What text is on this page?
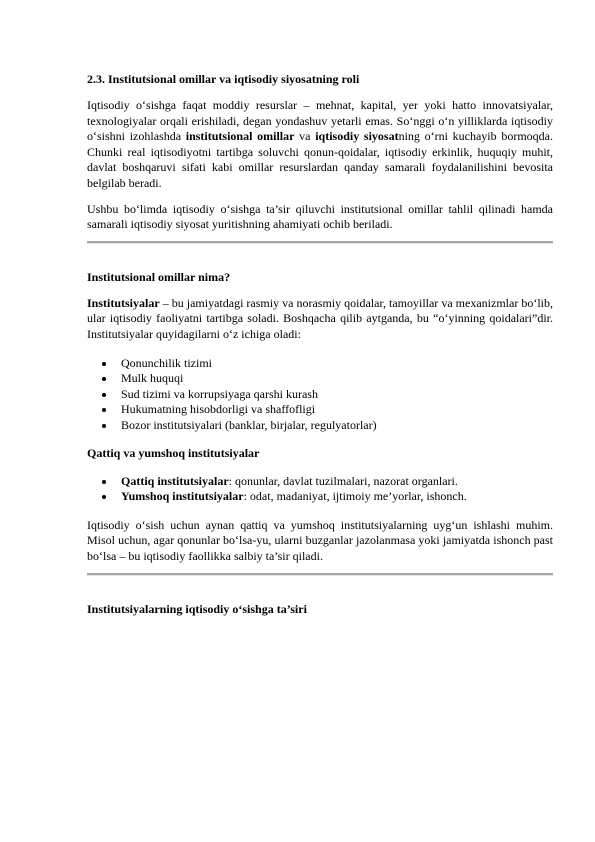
2.3. Institutsional omillar va iqtisodiy siyosatning roli

Iqtisodiy o‘sishga faqat moddiy resurslar – mehnat, kapital, yer yoki hatto innovatsiyalar, texnologiyalar orqali erishiladi, degan yondashuv yetarli emas. So‘nggi o‘n yilliklarda iqtisodiy o‘sishni izohlashda institutsional omillar va iqtisodiy siyosatning o‘rni kuchayib bormoqda. Chunki real iqtisodiyotni tartibga soluvchi qonun-qoidalar, iqtisodiy erkinlik, huquqiy muhit, davlat boshqaruvi sifati kabi omillar resurslardan qanday samarali foydalanilishini bevosita belgilab beradi.

Ushbu bo‘limda iqtisodiy o‘sishga ta’sir qiluvchi institutsional omillar tahlil qilinadi hamda samarali iqtisodiy siyosat yuritishning ahamiyati ochib beriladi.

Institutsional omillar nima?

Institutsiyalar – bu jamiyatdagi rasmiy va norasmiy qoidalar, tamoyillar va mexanizmlar bo‘lib, ular iqtisodiy faoliyatni tartibga soladi. Boshqacha qilib aytganda, bu “o‘yinning qoidalari”dir. Institutsiyalar quyidagilarni o‘z ichiga oladi:

Qonunchilik tizimi
Mulk huquqi
Sud tizimi va korrupsiyaga qarshi kurash
Hukumatning hisobdorligi va shaffofligi
Bozor institutsiyalari (banklar, birjalar, regulyatorlar)
Qattiq va yumshoq institutsiyalar
Qattiq institutsiyalar: qonunlar, davlat tuzilmalari, nazorat organlari.
Yumshoq institutsiyalar: odat, madaniyat, ijtimoiy me’yorlar, ishonch.

Iqtisodiy o‘sish uchun aynan qattiq va yumshoq institutsiyalarning uyg‘un ishlashi muhim. Misol uchun, agar qonunlar bo‘lsa-yu, ularni buzganlar jazolanmasa yoki jamiyatda ishonch past bo‘lsa – bu iqtisodiy faollikka salbiy ta’sir qiladi.

Institutsiyalarning iqtisodiy o‘sishga ta’siri
